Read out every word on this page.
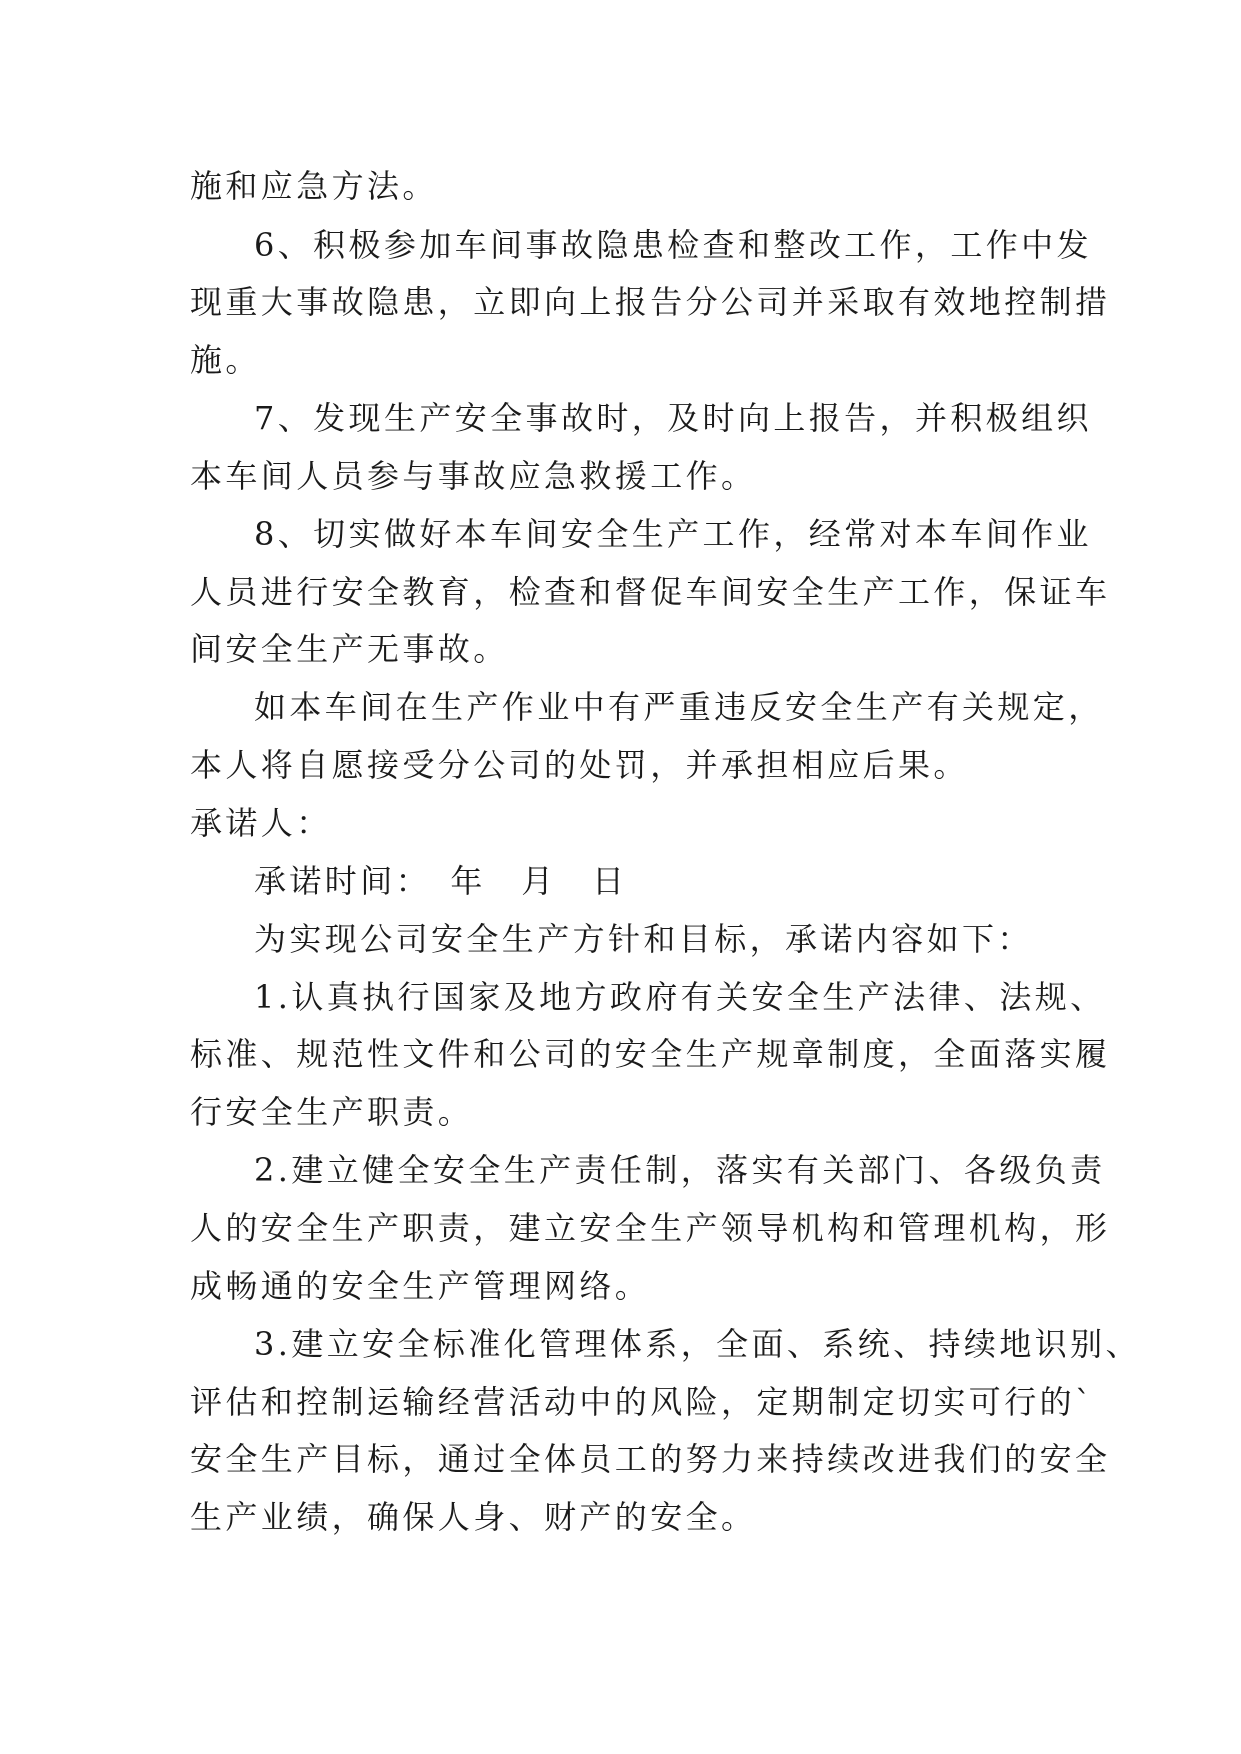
施和应急方法。
6、积极参加车间事故隐患检查和整改工作，工作中发
现重大事故隐患，立即向上报告分公司并采取有效地控制措
施。
7、发现生产安全事故时，及时向上报告，并积极组织
本车间人员参与事故应急救援工作。
8、切实做好本车间安全生产工作，经常对本车间作业
人员进行安全教育，检查和督促车间安全生产工作，保证车
间安全生产无事故。
如本车间在生产作业中有严重违反安全生产有关规定，
本人将自愿接受分公司的处罚，并承担相应后果。
承诺人：
承诺时间：　年　月　日
为实现公司安全生产方针和目标，承诺内容如下：
1.认真执行国家及地方政府有关安全生产法律、法规、
标准、规范性文件和公司的安全生产规章制度，全面落实履
行安全生产职责。
2.建立健全安全生产责任制，落实有关部门、各级负责
人的安全生产职责，建立安全生产领导机构和管理机构，形
成畅通的安全生产管理网络。
3.建立安全标准化管理体系，全面、系统、持续地识别、
评估和控制运输经营活动中的风险，定期制定切实可行的`
安全生产目标，通过全体员工的努力来持续改进我们的安全
生产业绩，确保人身、财产的安全。
